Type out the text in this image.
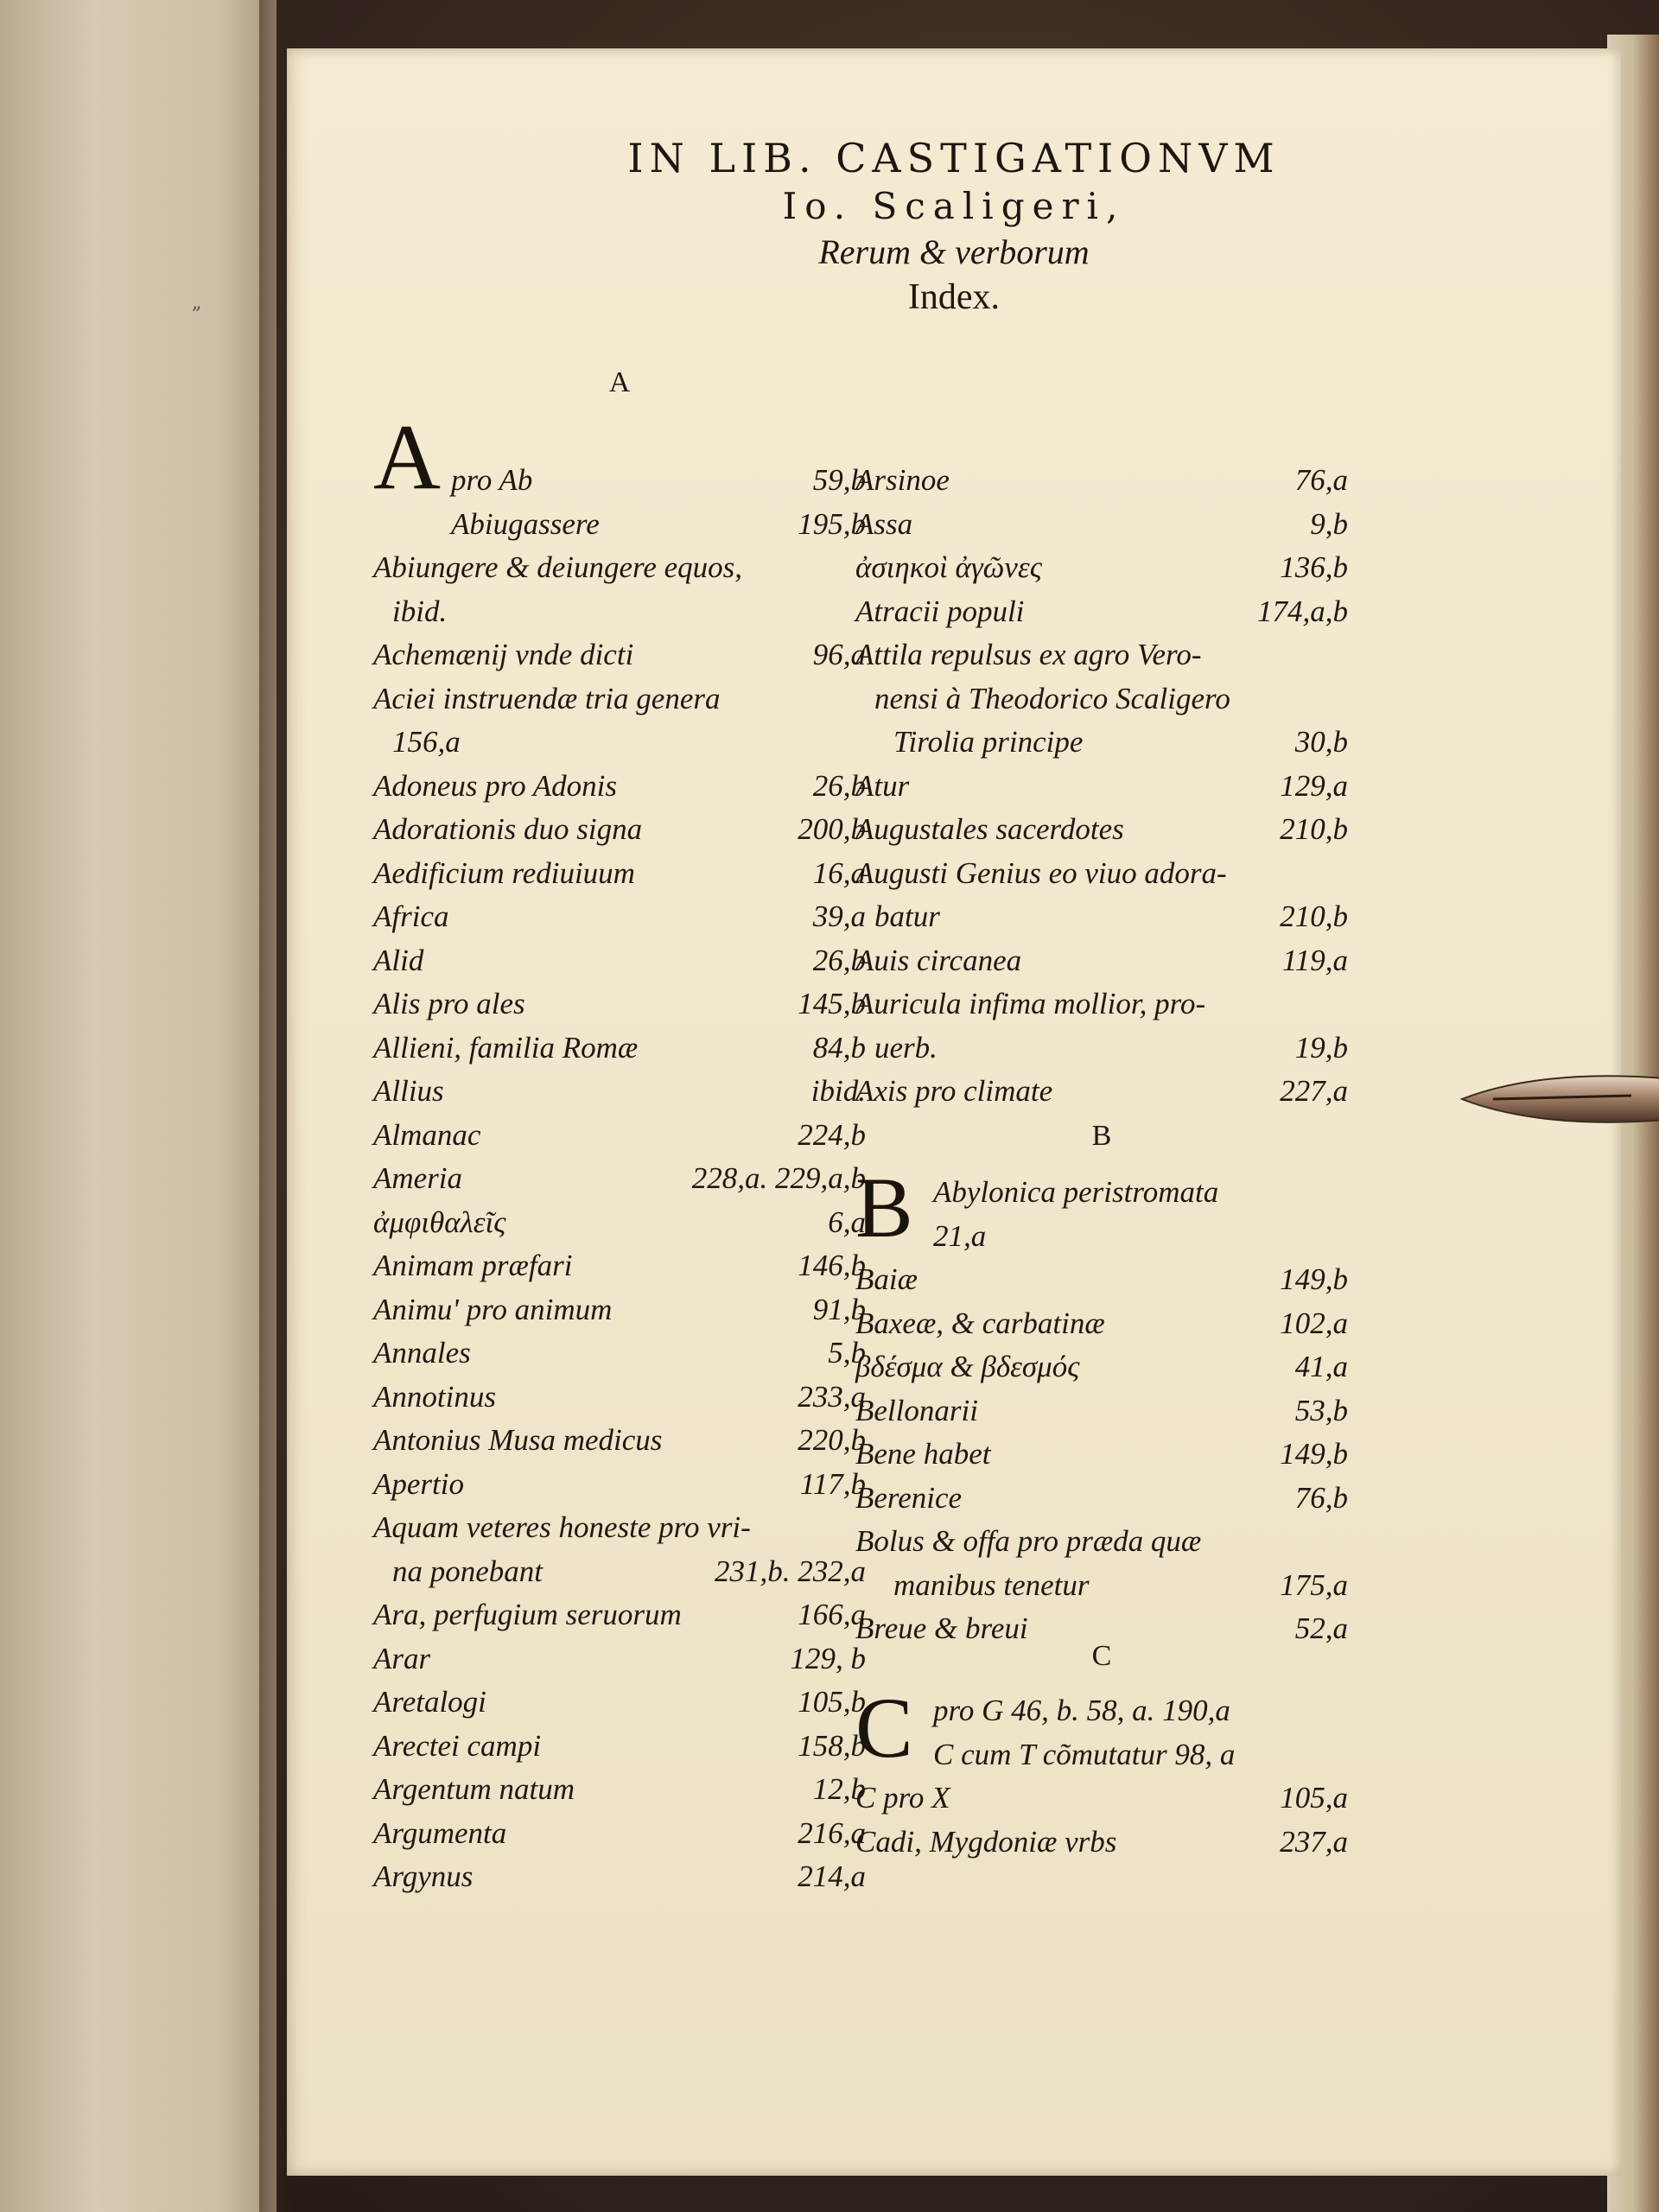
„
IN LIB. CASTIGATIONVM
Io. Scaligeri,
Rerum & verborum
Index.
A
A pro Ab	59,b
Abiugassere	195,b
Abiungere & deiungere equos,
ibid.
Achemænij vnde dicti	96,a
Aciei instruendæ tria genera
156,a
Adoneus pro Adonis	26,b
Adorationis duo signa	200,b
Aedificium rediuiuum	16,a
Africa	39,a
Alid	26,b
Alis pro ales	145,b
Allieni, familia Romæ	84,b
Allius	ibid.
Almanac	224,b
Ameria	228,a. 229,a,b
ἀμφιθαλεῖς	6,a
Animam præfari	146,b
Animu' pro animum	91,b
Annales	5,b
Annotinus	233,a
Antonius Musa medicus	220,b
Apertio	117,b
Aquam veteres honeste pro vri-
na ponebant	231,b. 232,a
Ara, perfugium seruorum	166,a
Arar	129, b
Aretalogi	105,b
Arectei campi	158,b
Argentum natum	12,b
Argumenta	216,a
Argynus	214,a
Arsinoe	76,a
Assa	9,b
ἀσιηκοὶ ἀγῶνες	136,b
Atracii populi	174,a,b
Attila repulsus ex agro Vero-
nensi à Theodorico Scaligero
Tirolia principe	30,b
Atur	129,a
Augustales sacerdotes	210,b
Augusti Genius eo viuo adora-
batur	210,b
Auis circanea	119,a
Auricula infima mollior, pro-
uerb.	19,b
Axis pro climate	227,a
B
B Abylonica peristromata
21,a
Baiæ	149,b
Baxeæ, & carbatinæ	102,a
βδέσμα & βδεσμός	41,a
Bellonarii	53,b
Bene habet	149,b
Berenice	76,b
Bolus & offa pro præda quæ
manibus tenetur	175,a
Breue & breui	52,a
C
C pro G 46, b. 58, a. 190,a
C cum T cõmutatur 98, a
C pro X	105,a
Cadi, Mygdoniæ vrbs	237,a
